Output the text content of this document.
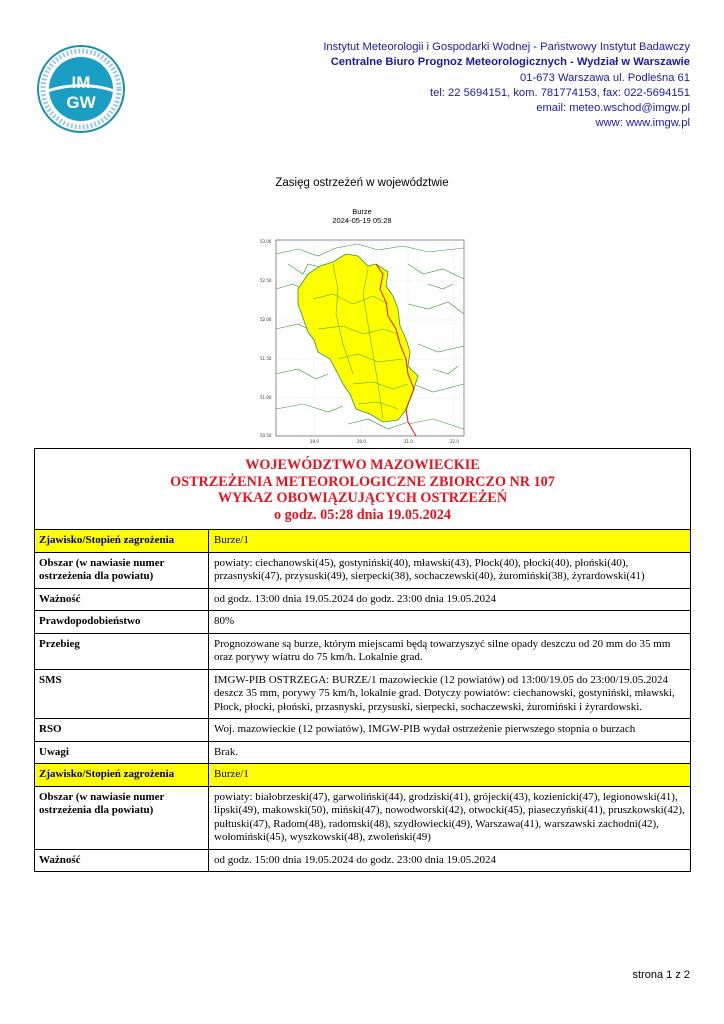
IM
GW
Instytut Meteorologii i Gospodarki Wodnej - Państwowy Instytut Badawczy
Centralne Biuro Prognoz Meteorologicznych - Wydział w Warszawie
01-673 Warszawa ul. Podleśna 61
tel: 22 5694151, kom. 781774153, fax: 022-5694151
email: meteo.wschod@imgw.pl
www: www.imgw.pl
Zasięg ostrzeżeń w województwie
Burze
2024-05-19 05:28
53.00
52.50
52.00
51.50
51.00
50.50
19.0	20.0	21.0	22.0
WOJEWÓDZTWO MAZOWIECKIE
OSTRZEŻENIA METEOROLOGICZNE ZBIORCZO NR 107
WYKAZ OBOWIĄZUJĄCYCH OSTRZEŻEŃ
o godz. 05:28 dnia 19.05.2024
Zjawisko/Stopień zagrożenia	Burze/1
Obszar (w nawiasie numer ostrzeżenia dla powiatu)	powiaty: ciechanowski(45), gostyniński(40), mławski(43), Płock(40), płocki(40), płoński(40), przasnyski(47), przysuski(49), sierpecki(38), sochaczewski(40), żuromiński(38), żyrardowski(41)
Ważność	od godz. 13:00 dnia 19.05.2024 do godz. 23:00 dnia 19.05.2024
Prawdopodobieństwo	80%
Przebieg	Prognozowane są burze, którym miejscami będą towarzyszyć silne opady deszczu od 20 mm do 35 mm oraz porywy wiatru do 75 km/h. Lokalnie grad.
SMS	IMGW-PIB OSTRZEGA: BURZE/1 mazowieckie (12 powiatów) od 13:00/19.05 do 23:00/19.05.2024 deszcz 35 mm, porywy 75 km/h, lokalnie grad. Dotyczy powiatów: ciechanowski, gostyniński, mławski, Płock, płocki, płoński, przasnyski, przysuski, sierpecki, sochaczewski, żuromiński i żyrardowski.
RSO	Woj. mazowieckie (12 powiatów), IMGW-PIB wydał ostrzeżenie pierwszego stopnia o burzach
Uwagi	Brak.
Zjawisko/Stopień zagrożenia	Burze/1
Obszar (w nawiasie numer ostrzeżenia dla powiatu)	powiaty: białobrzeski(47), garwoliński(44), grodziski(41), grójecki(43), kozienicki(47), legionowski(41), lipski(49), makowski(50), miński(47), nowodworski(42), otwocki(45), piaseczyński(41), pruszkowski(42), pułtuski(47), Radom(48), radomski(48), szydłowiecki(49), Warszawa(41), warszawski zachodni(42), wołomiński(45), wyszkowski(48), zwoleński(49)
Ważność	od godz. 15:00 dnia 19.05.2024 do godz. 23:00 dnia 19.05.2024
strona 1 z 2
